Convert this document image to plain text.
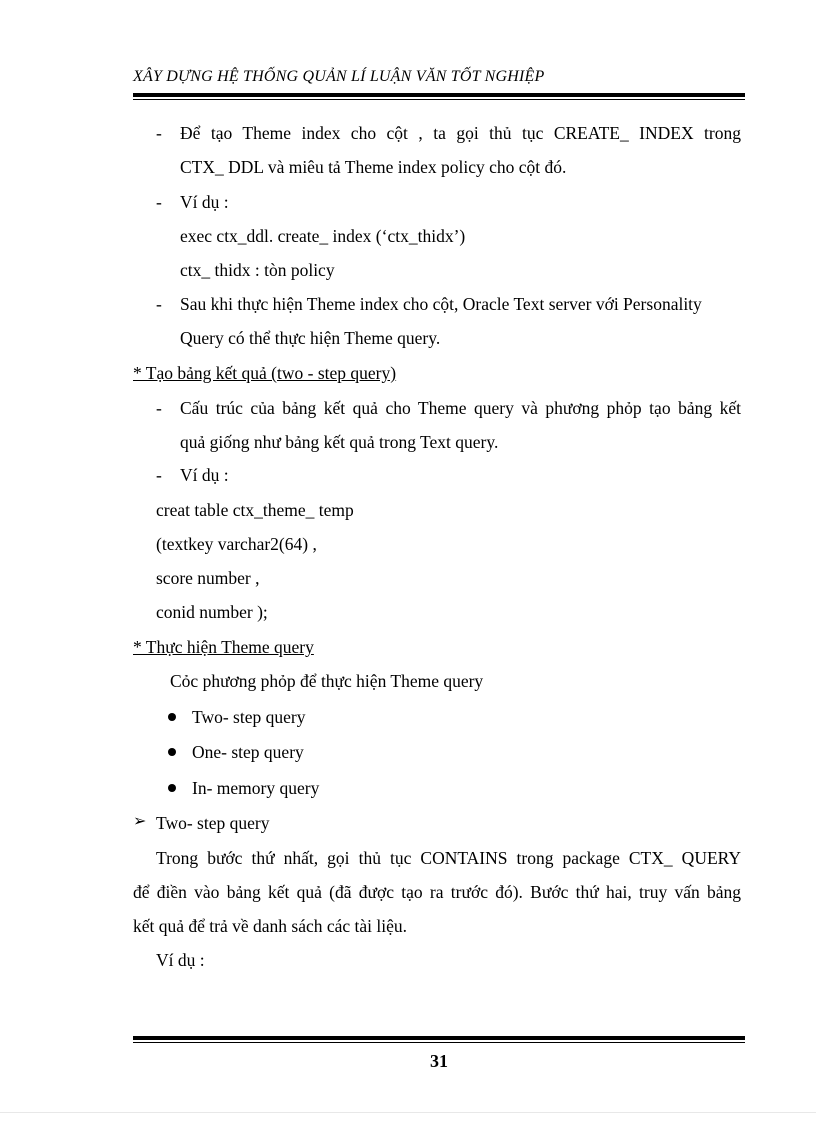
XÂY DỰNG HỆ THỐNG QUẢN LÍ LUẬN VĂN TỐT NGHIỆP
- Để tạo Theme index cho cột , ta gọi thủ tục CREATE_ INDEX trong
CTX_ DDL và miêu tả Theme index policy cho cột đó.
- Ví dụ :
exec ctx_ddl. create_ index (‘ctx_thidx’)
ctx_ thidx : tòn policy
- Sau khi thực hiện Theme index cho cột, Oracle Text server với Personality
Query có thể thực hiện Theme query.
* Tạo bảng kết quả (two - step query)
- Cấu trúc của bảng kết quả cho Theme query và phương phỏp tạo bảng kết
quả giống như bảng kết quả trong Text query.
- Ví dụ :
creat table ctx_theme_ temp
(textkey varchar2(64) ,
score number ,
conid number );
* Thực hiện Theme query
Cỏc phương phỏp để thực hiện Theme query
Two- step query
One- step query
In- memory query
➢ Two- step query
Trong bước thứ nhất, gọi thủ tục CONTAINS trong package CTX_ QUERY
để điền vào bảng kết quả (đã được tạo ra trước đó). Bước thứ hai, truy vấn bảng
kết quả để trả về danh sách các tài liệu.
Ví dụ :
31
